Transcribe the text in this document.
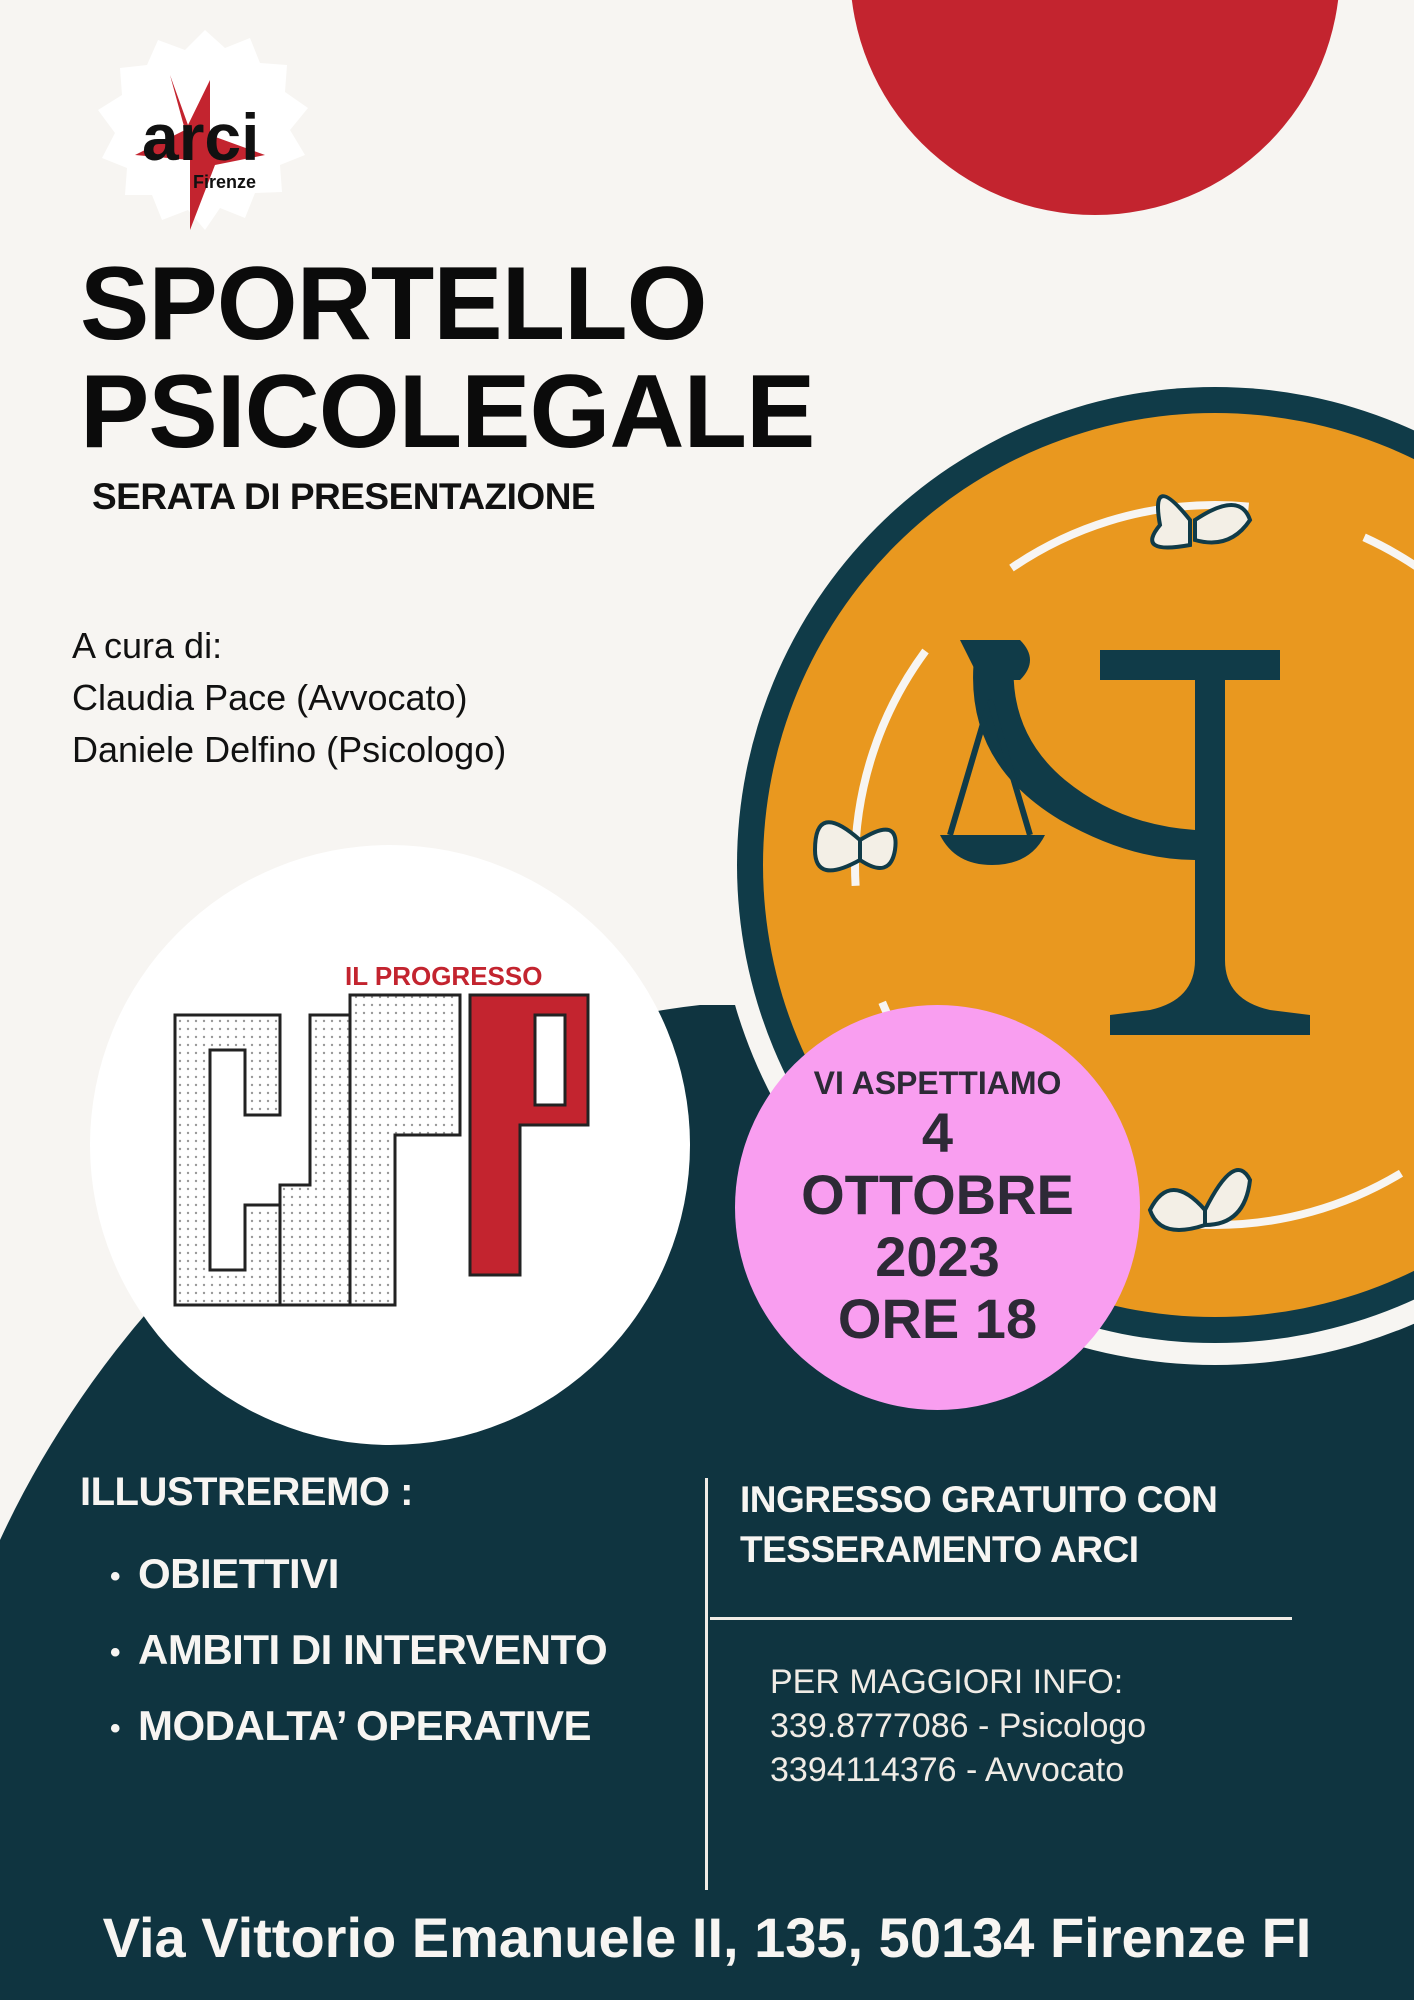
arci
Firenze
SPORTELLO
PSICOLEGALE
SERATA DI PRESENTAZIONE
A cura di:
Claudia Pace (Avvocato)
Daniele Delfino (Psicologo)
IL PROGRESSO
VI ASPETTIAMO
4
OTTOBRE
2023
ORE 18
ILLUSTREREMO :
• OBIETTIVI
• AMBITI DI INTERVENTO
• MODALTA’ OPERATIVE
INGRESSO GRATUITO CON TESSERAMENTO ARCI
PER MAGGIORI INFO:
339.8777086 - Psicologo
3394114376 - Avvocato
Via Vittorio Emanuele II, 135, 50134 Firenze FI
